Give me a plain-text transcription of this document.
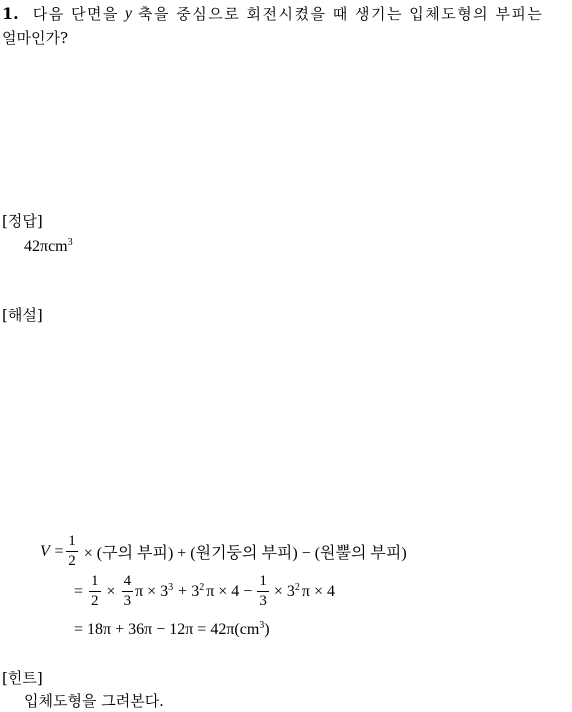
1. 다음 단면을 y 축을 중심으로 회전시켰을 때 생기는 입체도형의 부피는
얼마인가?
[정답]
42πcm$^3$
[해설]
$V = \frac{1}{2}$ × (구의 부피) + (원기둥의 부피) − (원뿔의 부피)
= $\frac{1}{2} \times \frac{4}{3}$ $\pi \times 3^3 + 3^2$ $\pi \times 4 - \frac{1}{3} \times 3^2$ π × 4
= $18\pi + 36\pi - 12\pi = 42\pi(cm^3)$
[힌트]
입체도형을 그려본다.
